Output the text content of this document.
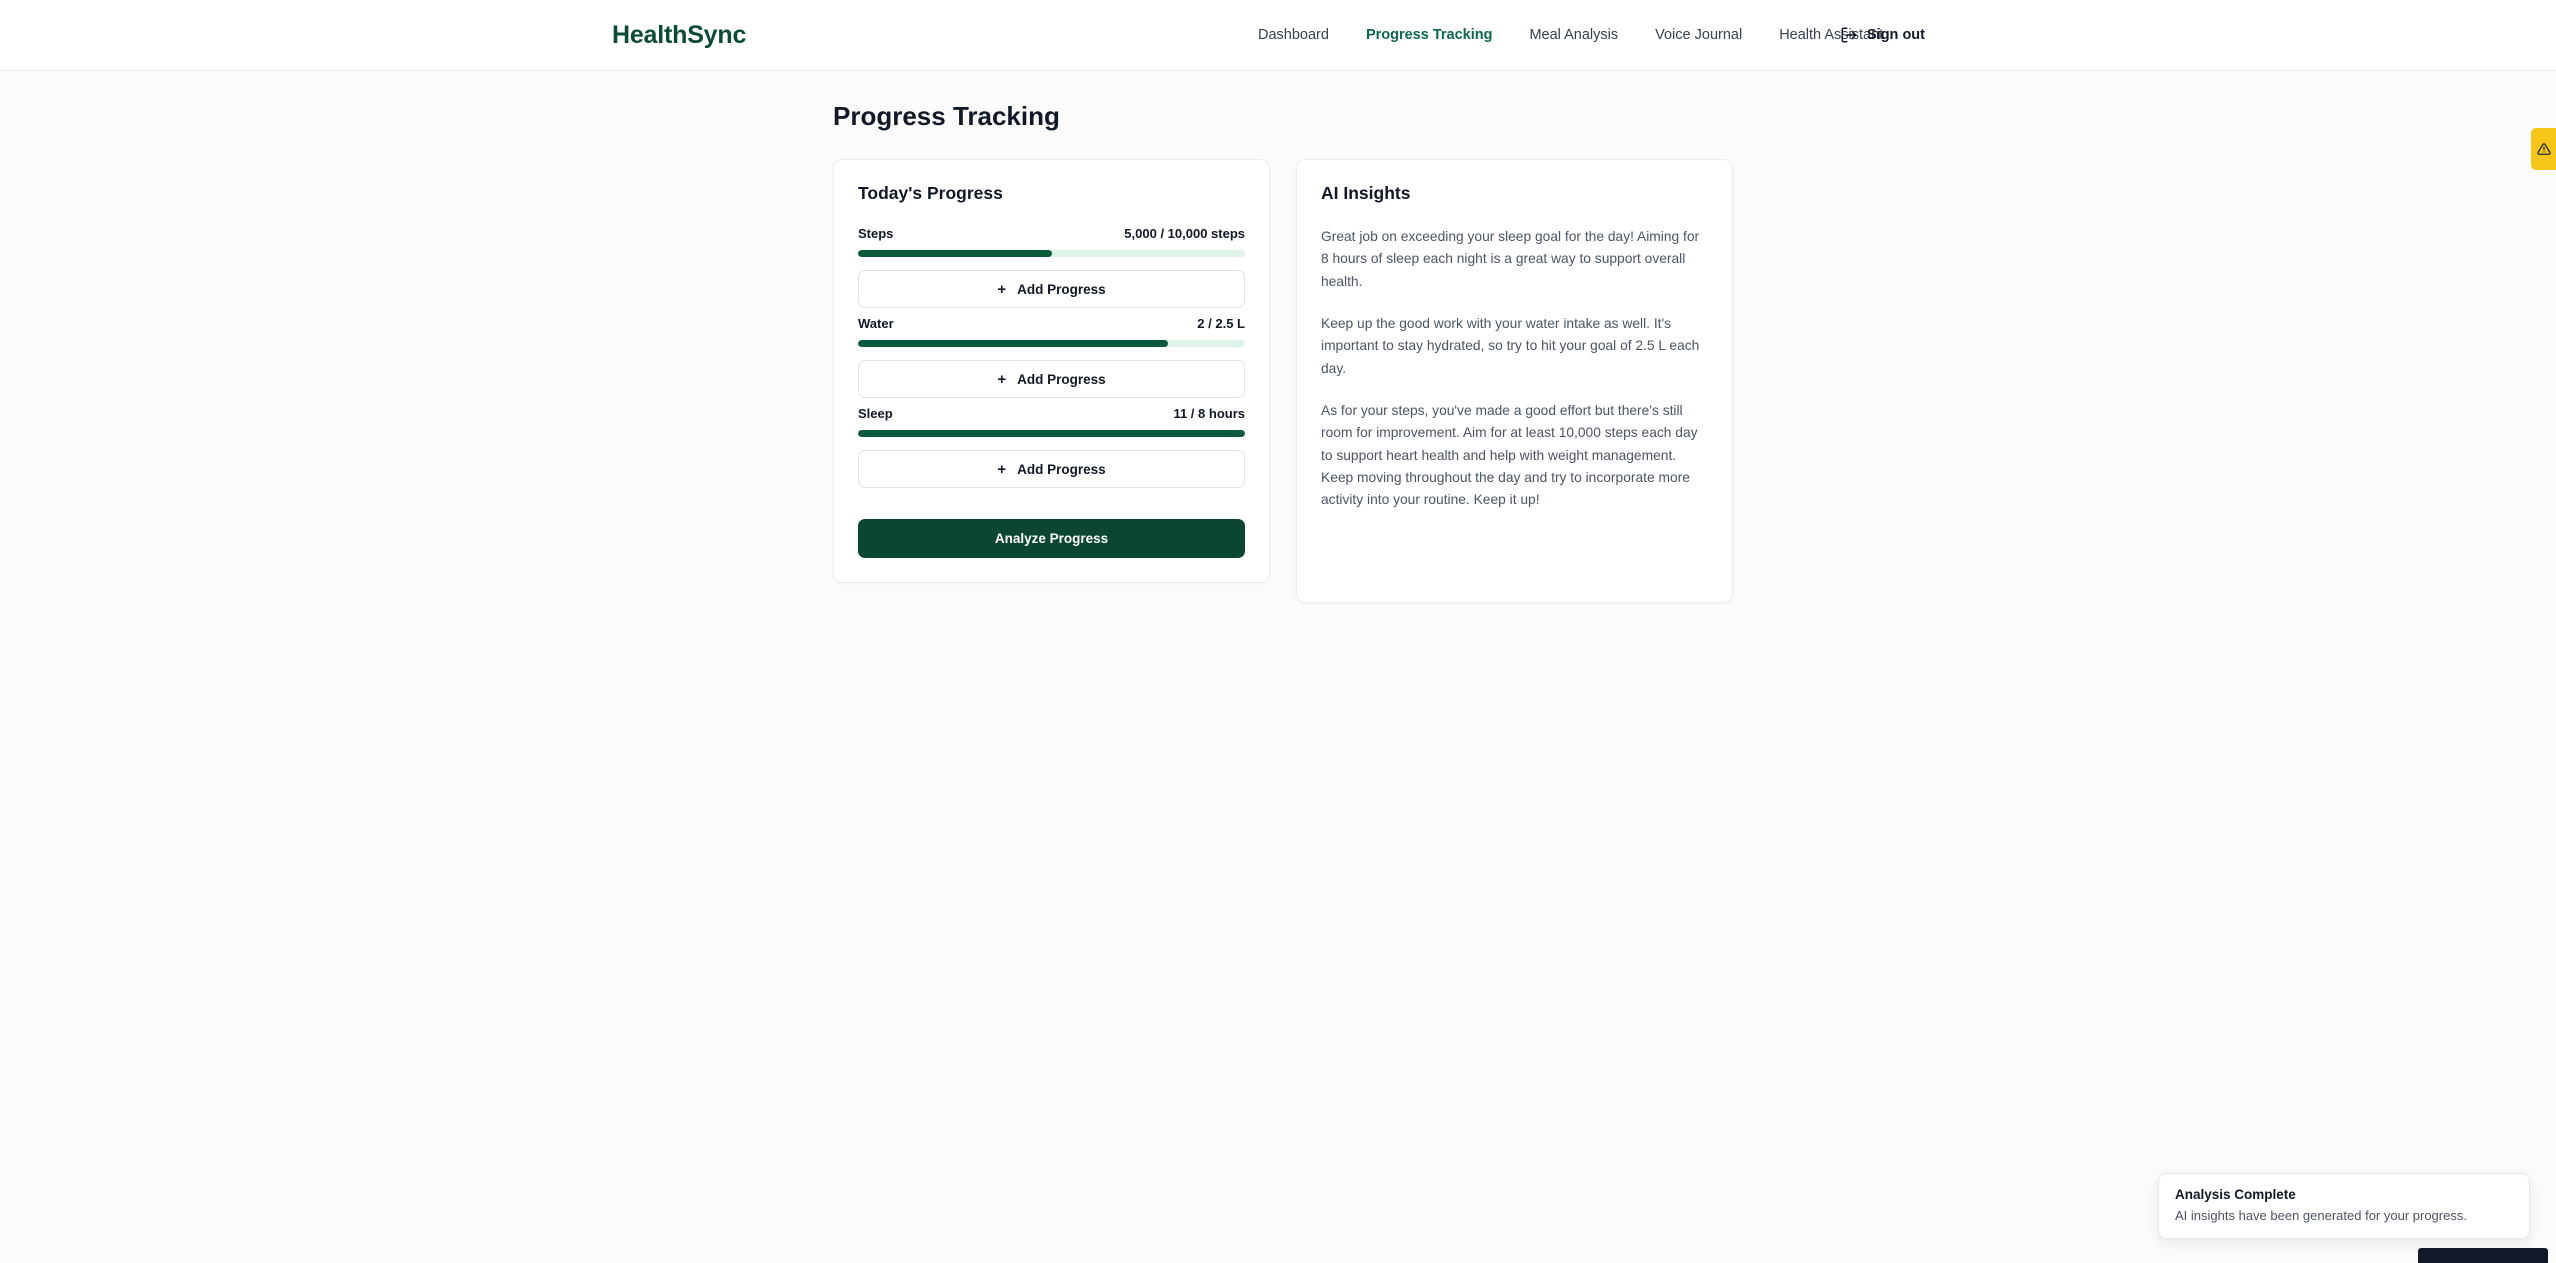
HealthSync	Dashboard	Progress Tracking	Meal Analysis	Voice Journal	Health Assistant
Sign out
Progress Tracking
Today's Progress
Steps	5,000 / 10,000 steps
+ Add Progress
Water	2 / 2.5 L
+ Add Progress
Sleep	11 / 8 hours
+ Add Progress
Analyze Progress
AI Insights

Great job on exceeding your sleep goal for the day! Aiming for 8 hours of sleep each night is a great way to support overall health.

Keep up the good work with your water intake as well. It's important to stay hydrated, so try to hit your goal of 2.5 L each day.

As for your steps, you've made a good effort but there's still room for improvement. Aim for at least 10,000 steps each day to support heart health and help with weight management. Keep moving throughout the day and try to incorporate more activity into your routine. Keep it up!

Analysis Complete
AI insights have been generated for your progress.
